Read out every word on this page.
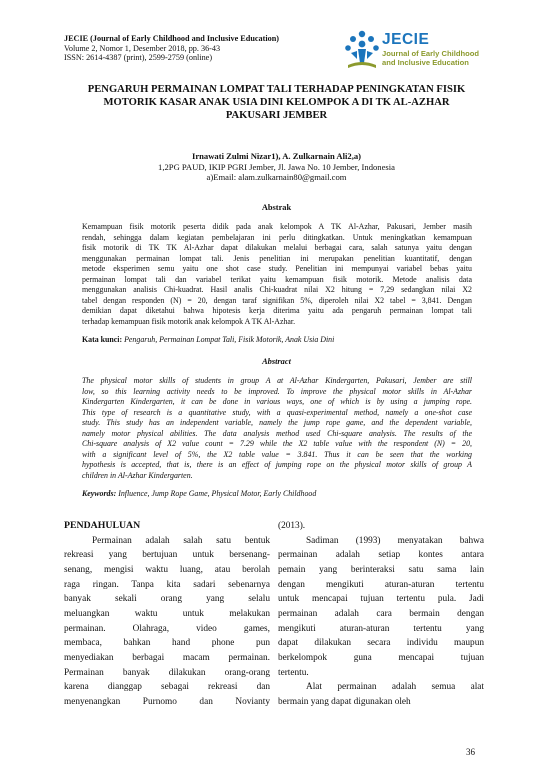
JECIE (Journal of Early Childhood and Inclusive Education)
Volume 2, Nomor 1, Desember 2018, pp. 36-43
ISSN: 2614-4387 (print), 2599-2759 (online)
JECIE
Journal of Early Childhood
and Inclusive Education
PENGARUH PERMAINAN LOMPAT TALI TERHADAP PENINGKATAN FISIK
MOTORIK KASAR ANAK USIA DINI KELOMPOK A DI TK AL-AZHAR
PAKUSARI JEMBER
Irnawati Zulmi Nizar1), A. Zulkarnain Ali2,a)
1,2PG PAUD, IKIP PGRI Jember, Jl. Jawa No. 10 Jember, Indonesia
a)Email: alam.zulkarnain80@gmail.com
Abstrak
Kemampuan fisik motorik peserta didik pada anak kelompok A TK Al-Azhar, Pakusari, Jember masih
rendah, sehingga dalam kegiatan pembelajaran ini perlu ditingkatkan. Untuk meningkatkan kemampuan
fisik motorik di TK TK Al-Azhar dapat dilakukan melalui berbagai cara, salah satunya yaitu dengan
menggunakan permainan lompat tali. Jenis penelitian ini merupakan penelitian kuantitatif, dengan
metode eksperimen semu yaitu one shot case study. Penelitian ini mempunyai variabel bebas yaitu
permainan lompat tali dan variabel terikat yaitu kemampuan fisik motorik. Metode analisis data
menggunakan analisis Chi-kuadrat. Hasil analis Chi-kuadrat nilai X2 hitung = 7,29 sedangkan nilai X2
tabel dengan responden (N) = 20, dengan taraf signifikan 5%, diperoleh nilai X2 tabel = 3,841. Dengan
demikian dapat diketahui bahwa hipotesis kerja diterima yaitu ada pengaruh permainan lompat tali
terhadap kemampuan fisik motorik anak kelompok A TK Al-Azhar.
Kata kunci: Pengaruh, Permainan Lompat Tali, Fisik Motorik, Anak Usia Dini
Abstract
The physical motor skills of students in group A at Al-Azhar Kindergarten, Pakusari, Jember are still
low, so this learning activity needs to be improved. To improve the physical motor skills in Al-Azhar
Kindergarten Kindergarten, it can be done in various ways, one of which is by using a jumping rope.
This type of research is a quantitative study, with a quasi-experimental method, namely a one-shot case
study. This study has an independent variable, namely the jump rope game, and the dependent variable,
namely motor physical abilities. The data analysis method used Chi-square analysis. The results of the
Chi-square analysis of X2 value count = 7.29 while the X2 table value with the respondent (N) = 20,
with a significant level of 5%, the X2 table value = 3.841. Thus it can be seen that the working
hypothesis is accepted, that is, there is an effect of jumping rope on the physical motor skills of group A
children in Al-Azhar Kindergarten.
Keywords: Influence, Jump Rope Game, Physical Motor, Early Childhood
PENDAHULUAN
Permainan adalah salah satu bentuk
rekreasi yang bertujuan untuk bersenang-
senang, mengisi waktu luang, atau berolah
raga ringan. Tanpa kita sadari sebenarnya
banyak sekali orang yang selalu
meluangkan waktu untuk melakukan
permainan. Olahraga, video games,
membaca, bahkan hand phone pun
menyediakan berbagai macam permainan.
Permainan banyak dilakukan orang-orang
karena dianggap sebagai rekreasi dan
menyenangkan Purnomo dan Novianty
(2013).
Sadiman (1993) menyatakan bahwa
permainan adalah setiap kontes antara
pemain yang berinteraksi satu sama lain
dengan mengikuti aturan-aturan tertentu
untuk mencapai tujuan tertentu pula. Jadi
permainan adalah cara bermain dengan
mengikuti aturan-aturan tertentu yang
dapat dilakukan secara individu maupun
berkelompok guna mencapai tujuan
tertentu.
Alat permainan adalah semua alat
bermain yang dapat digunakan oleh
36
